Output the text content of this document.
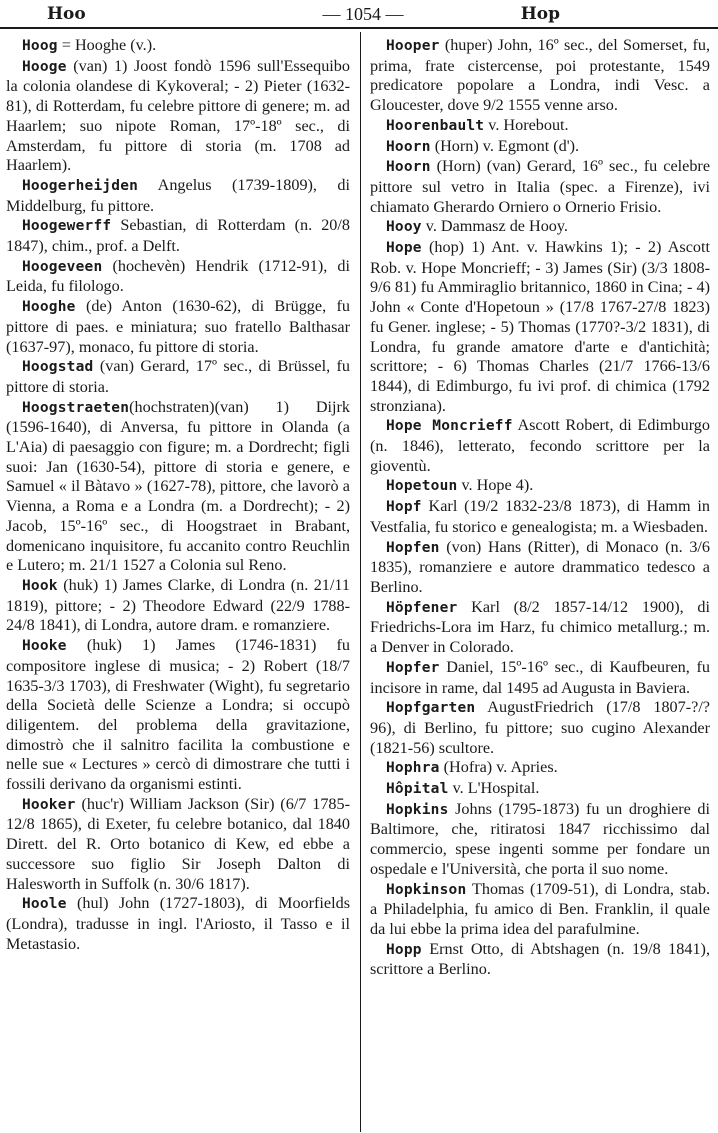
Hoo	— 1054 —	Hop

Hoog = Hooghe (v.).

Hooge (van) 1) Joost fondò 1596 sull'Essequibo la colonia olandese di Kykoveral; - 2) Pieter (1632-81), di Rotterdam, fu celebre pittore di genere; m. ad Haarlem; suo nipote Roman, 17º-18º sec., di Amsterdam, fu pittore di storia (m. 1708 ad Haarlem).

Hoogerheijden Angelus (1739-1809), di Middelburg, fu pittore.

Hoogewerff Sebastian, di Rotterdam (n. 20/8 1847), chim., prof. a Delft.

Hoogeveen (hochevèn) Hendrik (1712-91), di Leida, fu filologo.

Hooghe (de) Anton (1630-62), di Brügge, fu pittore di paes. e miniatura; suo fratello Balthasar (1637-97), monaco, fu pittore di storia.

Hoogstad (van) Gerard, 17º sec., di Brüssel, fu pittore di storia.

Hoogstraeten(hochstraten)(van) 1) Dijrk (1596-1640), di Anversa, fu pittore in Olanda (a L'Aia) di paesaggio con figure; m. a Dordrecht; figli suoi: Jan (1630-54), pittore di storia e genere, e Samuel « il Bàtavo » (1627-78), pittore, che lavorò a Vienna, a Roma e a Londra (m. a Dordrecht); - 2) Jacob, 15º-16º sec., di Hoogstraet in Brabant, domenicano inquisitore, fu accanito contro Reuchlin e Lutero; m. 21/1 1527 a Colonia sul Reno.

Hook (huk) 1) James Clarke, di Londra (n. 21/11 1819), pittore; - 2) Theodore Edward (22/9 1788-24/8 1841), di Londra, autore dram. e romanziere.

Hooke (huk) 1) James (1746-1831) fu compositore inglese di musica; - 2) Robert (18/7 1635-3/3 1703), di Freshwater (Wight), fu segretario della Società delle Scienze a Londra; si occupò diligentem. del problema della gravitazione, dimostrò che il salnitro facilita la combustione e nelle sue « Lectures » cercò di dimostrare che tutti i fossili derivano da organismi estinti.

Hooker (huc'r) William Jackson (Sir) (6/7 1785-12/8 1865), di Exeter, fu celebre botanico, dal 1840 Dirett. del R. Orto botanico di Kew, ed ebbe a successore suo figlio Sir Joseph Dalton di Halesworth in Suffolk (n. 30/6 1817).

Hoole (hul) John (1727-1803), di Moorfields (Londra), tradusse in ingl. l'Ariosto, il Tasso e il Metastasio.

Hooper (huper) John, 16º sec., del Somerset, fu, prima, frate cistercense, poi protestante, 1549 predicatore popolare a Londra, indi Vesc. a Gloucester, dove 9/2 1555 venne arso.

Hoorenbault v. Horebout.

Hoorn (Horn) v. Egmont (d').

Hoorn (Horn) (van) Gerard, 16º sec., fu celebre pittore sul vetro in Italia (spec. a Firenze), ivi chiamato Gherardo Orniero o Ornerio Frisio.

Hooy v. Dammasz de Hooy.

Hope (hop) 1) Ant. v. Hawkins 1); - 2) Ascott Rob. v. Hope Moncrieff; - 3) James (Sir) (3/3 1808-9/6 81) fu Ammiraglio britannico, 1860 in Cina; - 4) John « Conte d'Hopetoun » (17/8 1767-27/8 1823) fu Gener. inglese; - 5) Thomas (1770?-3/2 1831), di Londra, fu grande amatore d'arte e d'antichità; scrittore; - 6) Thomas Charles (21/7 1766-13/6 1844), di Edimburgo, fu ivi prof. di chimica (1792 stronziana).

Hope Moncrieff Ascott Robert, di Edimburgo (n. 1846), letterato, fecondo scrittore per la gioventù.

Hopetoun v. Hope 4).

Hopf Karl (19/2 1832-23/8 1873), di Hamm in Vestfalia, fu storico e genealogista; m. a Wiesbaden.

Hopfen (von) Hans (Ritter), di Monaco (n. 3/6 1835), romanziere e autore drammatico tedesco a Berlino.

Höpfener Karl (8/2 1857-14/12 1900), di Friedrichs-Lora im Harz, fu chimico metallurg.; m. a Denver in Colorado.

Hopfer Daniel, 15º-16º sec., di Kaufbeuren, fu incisore in rame, dal 1495 ad Augusta in Baviera.

Hopfgarten AugustFriedrich (17/8 1807-?/? 96), di Berlino, fu pittore; suo cugino Alexander (1821-56) scultore.

Hophra (Hofra) v. Apries.

Hôpital v. L'Hospital.

Hopkins Johns (1795-1873) fu un droghiere di Baltimore, che, ritiratosi 1847 ricchissimo dal commercio, spese ingenti somme per fondare un ospedale e l'Università, che porta il suo nome.

Hopkinson Thomas (1709-51), di Londra, stab. a Philadelphia, fu amico di Ben. Franklin, il quale da lui ebbe la prima idea del parafulmine.

Hopp Ernst Otto, di Abtshagen (n. 19/8 1841), scrittore a Berlino.
